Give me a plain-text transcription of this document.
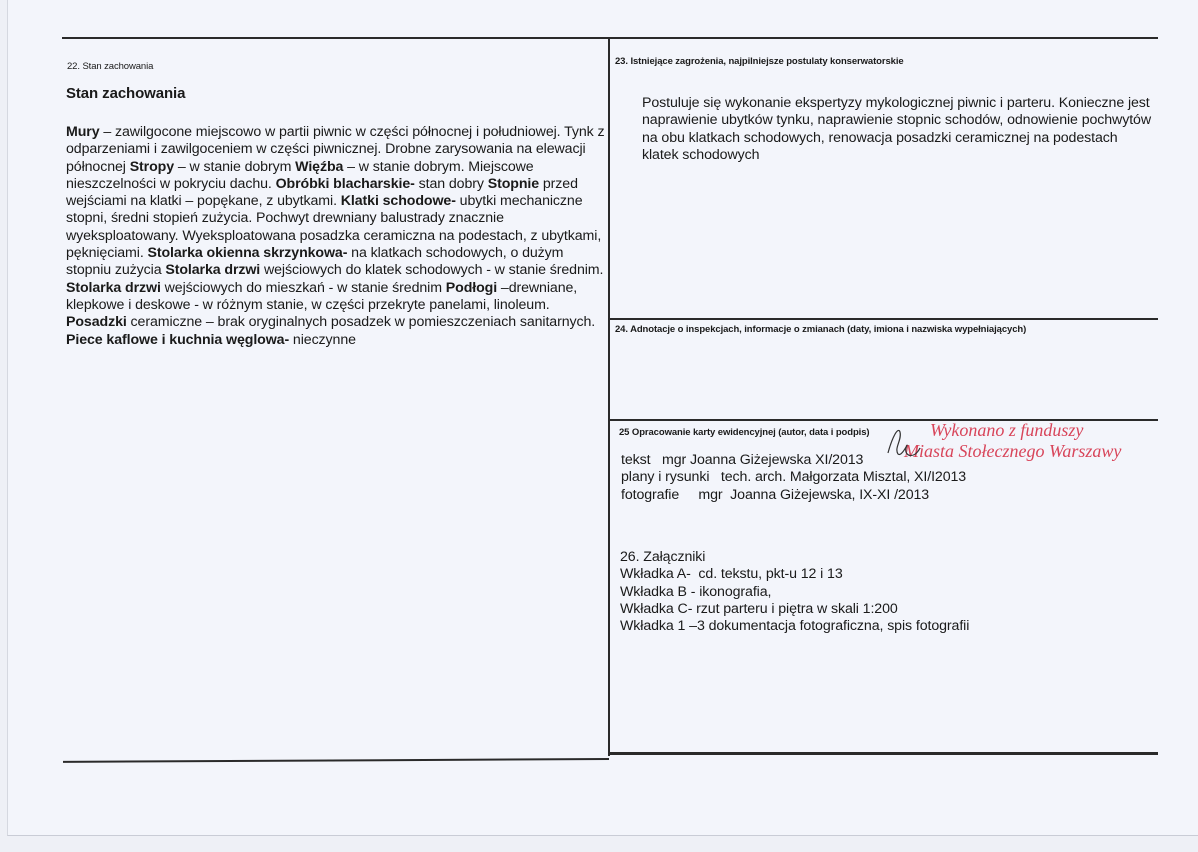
22. Stan zachowania
Stan zachowania
Mury – zawilgocone miejscowo w partii piwnic w części północnej i południowej. Tynk z odparzeniami i zawilgoceniem w części piwnicznej. Drobne zarysowania na elewacji północnej Stropy – w stanie dobrym Więźba – w stanie dobrym. Miejscowe nieszczelności w pokryciu dachu. Obróbki blacharskie- stan dobry Stopnie przed wejściami na klatki – popękane, z ubytkami. Klatki schodowe- ubytki mechaniczne stopni, średni stopień zużycia. Pochwyt drewniany balustrady znacznie wyeksploatowany. Wyeksploatowana posadzka ceramiczna na podestach, z ubytkami, pęknięciami. Stolarka okienna skrzynkowa- na klatkach schodowych, o dużym stopniu zużycia Stolarka drzwi wejściowych do klatek schodowych - w stanie średnim. Stolarka drzwi wejściowych do mieszkań - w stanie średnim Podłogi –drewniane, klepkowe i deskowe - w różnym stanie, w części przekryte panelami, linoleum. Posadzki ceramiczne – brak oryginalnych posadzek w pomieszczeniach sanitarnych. Piece kaflowe i kuchnia węglowa- nieczynne
23. Istniejące zagrożenia, najpilniejsze postulaty konserwatorskie
Postuluje się wykonanie ekspertyzy mykologicznej piwnic i parteru. Konieczne jest naprawienie ubytków tynku, naprawienie stopnic schodów, odnowienie pochwytów na obu klatkach schodowych, renowacja posadzki ceramicznej na podestach klatek schodowych
24. Adnotacje o inspekcjach, informacje o zmianach (daty, imiona i nazwiska wypełniających)
25 Opracowanie karty ewidencyjnej (autor, data i podpis)	Wykonano z funduszy
Miasta Stołecznego Warszawy
tekst   mgr Joanna Giżejewska XI/2013
plany i rysunki   tech. arch. Małgorzata Misztal, XI/I2013
fotografie     mgr  Joanna Giżejewska, IX-XI /2013
26. Załączniki
Wkładka A-  cd. tekstu, pkt-u 12 i 13
Wkładka B - ikonografia,
Wkładka C- rzut parteru i piętra w skali 1:200
Wkładka 1 –3 dokumentacja fotograficzna, spis fotografii
